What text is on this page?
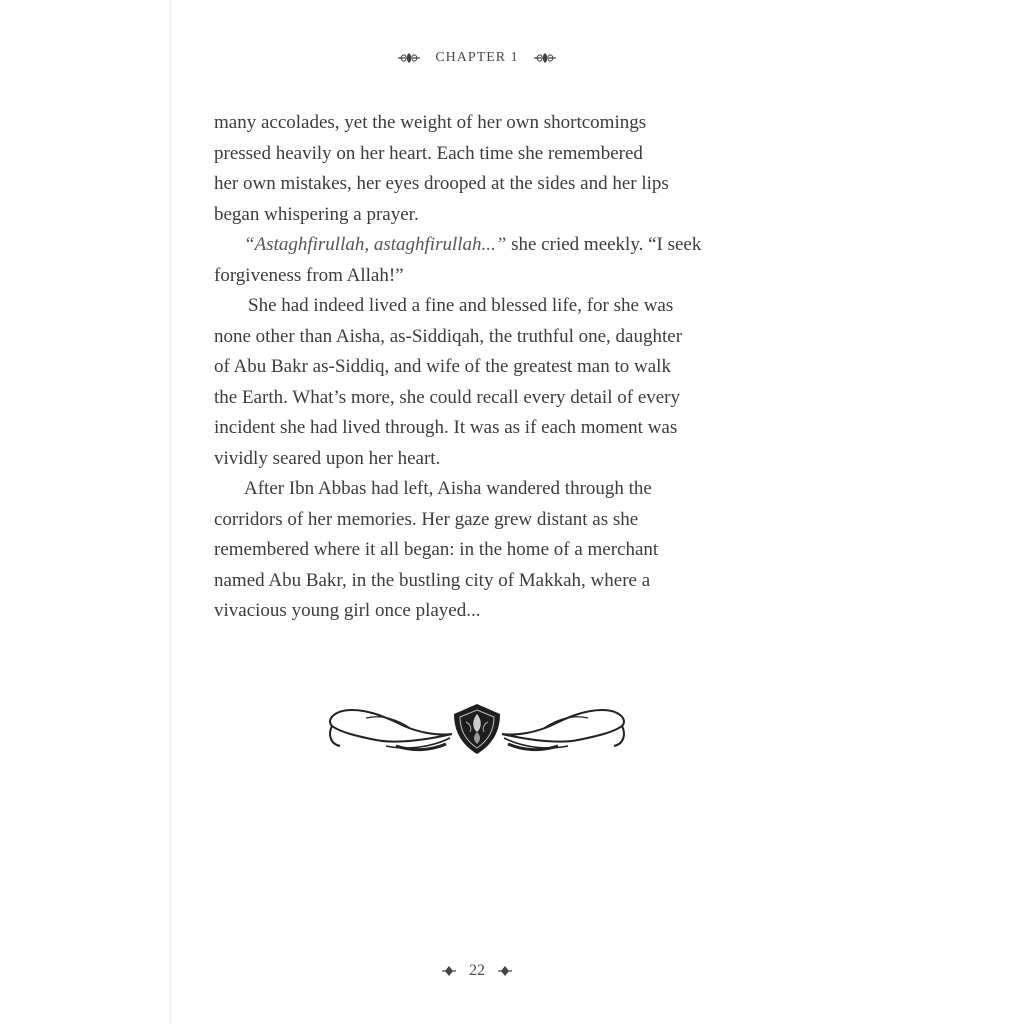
CHAPTER 1
many accolades, yet the weight of her own shortcomings
pressed heavily on her heart. Each time she remembered
her own mistakes, her eyes drooped at the sides and her lips
began whispering a prayer.
“Astaghfirullah, astaghfirullah...” she cried meekly. “I seek
forgiveness from Allah!”
She had indeed lived a fine and blessed life, for she was
none other than Aisha, as-Siddiqah, the truthful one, daughter
of Abu Bakr as-Siddiq, and wife of the greatest man to walk
the Earth. What’s more, she could recall every detail of every
incident she had lived through. It was as if each moment was
vividly seared upon her heart.
After Ibn Abbas had left, Aisha wandered through the
corridors of her memories. Her gaze grew distant as she
remembered where it all began: in the home of a merchant
named Abu Bakr, in the bustling city of Makkah, where a
vivacious young girl once played...
22
